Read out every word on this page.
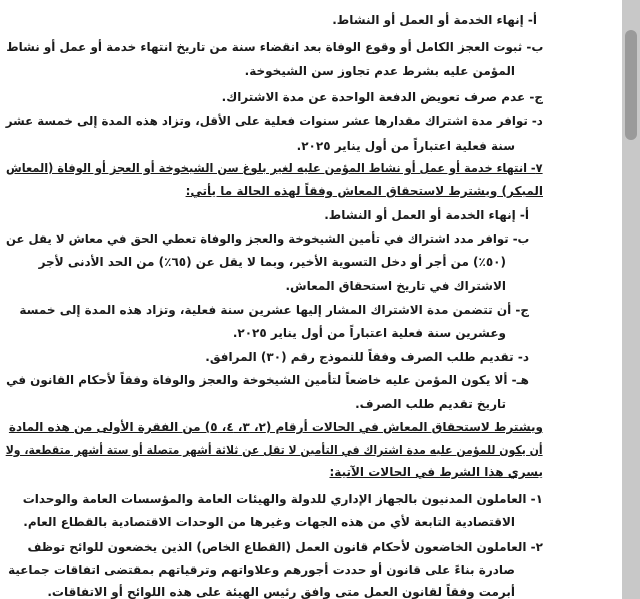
أ- إنهاء الخدمة أو العمل أو النشاط.
ب- ثبوت العجز الكامل أو وقوع الوفاة بعد انقضاء سنة من تاريخ انتهاء خدمة أو عمل أو نشاط
المؤمن عليه بشرط عدم تجاوز سن الشيخوخة.
ج- عدم صرف تعويض الدفعة الواحدة عن مدة الاشتراك.
د- توافر مدة اشتراك مقدارها عشر سنوات فعلية على الأقل، وتزاد هذه المدة إلى خمسة عشر
سنة فعلية اعتباراً من أول يناير ٢٠٢٥.
٧- انتهاء خدمة أو عمل أو نشاط المؤمن عليه لغير بلوغ سن الشيخوخة أو العجز أو الوفاة (المعاش
المبكر) ويشترط لاستحقاق المعاش وفقاً لهذه الحالة ما يأتي:
أ- إنهاء الخدمة أو العمل أو النشاط.
ب- توافر مدد اشتراك في تأمين الشيخوخة والعجز والوفاة تعطي الحق في معاش لا يقل عن
(٥٠٪) من أجر أو دخل التسوية الأخير، وبما لا يقل عن (٦٥٪) من الحد الأدنى لأجر
الاشتراك في تاريخ استحقاق المعاش.
ج- أن تتضمن مدة الاشتراك المشار إليها عشرين سنة فعلية، وتزاد هذه المدة إلى خمسة
وعشرين سنة فعلية اعتباراً من أول يناير ٢٠٢٥.
د- تقديم طلب الصرف وفقاً للنموذج رقم (٣٠) المرافق.
هـ- ألا يكون المؤمن عليه خاضعاً لتأمين الشيخوخة والعجز والوفاة وفقاً لأحكام القانون في
تاريخ تقديم طلب الصرف.
ويشترط لاستحقاق المعاش في الحالات أرقام (٢، ٣، ٤، ٥) من الفقرة الأولى من هذه المادة
أن يكون للمؤمن عليه مدة اشتراك في التأمين لا تقل عن ثلاثة أشهر متصلة أو ستة أشهر متقطعة، ولا
يسري هذا الشرط في الحالات الآتية:
١- العاملون المدنيون بالجهاز الإداري للدولة والهيئات العامة والمؤسسات العامة والوحدات
الاقتصادية التابعة لأي من هذه الجهات وغيرها من الوحدات الاقتصادية بالقطاع العام.
٢- العاملون الخاضعون لأحكام قانون العمل (القطاع الخاص) الذين يخضعون للوائح توظف
صادرة بناءً على قانون أو حددت أجورهم وعلاواتهم وترقياتهم بمقتضى اتفاقات جماعية
أبرمت وفقاً لقانون العمل متى وافق رئيس الهيئة على هذه اللوائح أو الاتفاقات.
